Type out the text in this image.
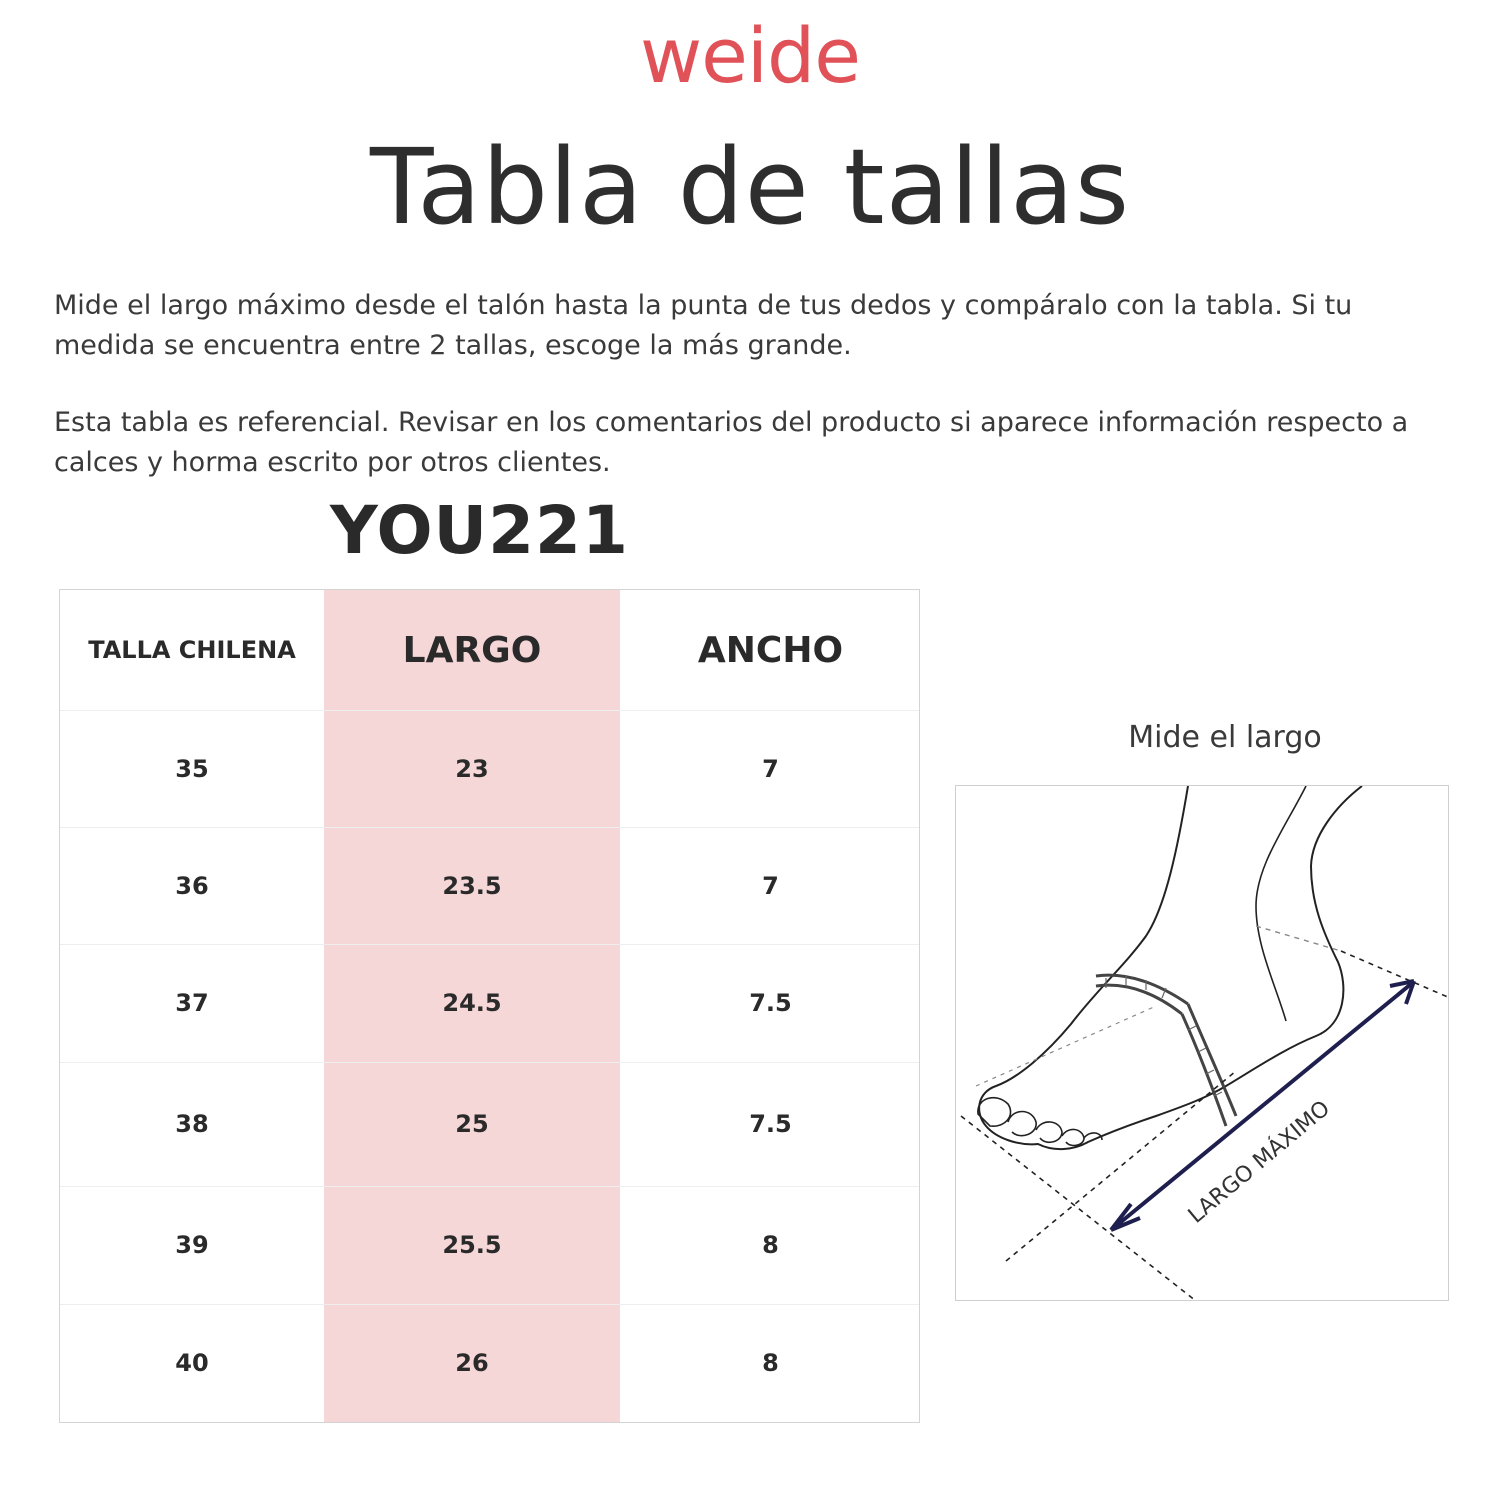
weide
Tabla de tallas
Mide el largo máximo desde el talón hasta la punta de tus dedos y compáralo con la tabla. Si tu medida se encuentra entre 2 tallas, escoge la más grande.
Esta tabla es referencial. Revisar en los comentarios del producto si aparece información respecto a calces y horma escrito por otros clientes.
YOU221
TALLA CHILENA	LARGO	ANCHO
35	23	7
36	23.5	7
37	24.5	7.5
38	25	7.5
39	25.5	8
40	26	8
Mide el largo
LARGO MÁXIMO
